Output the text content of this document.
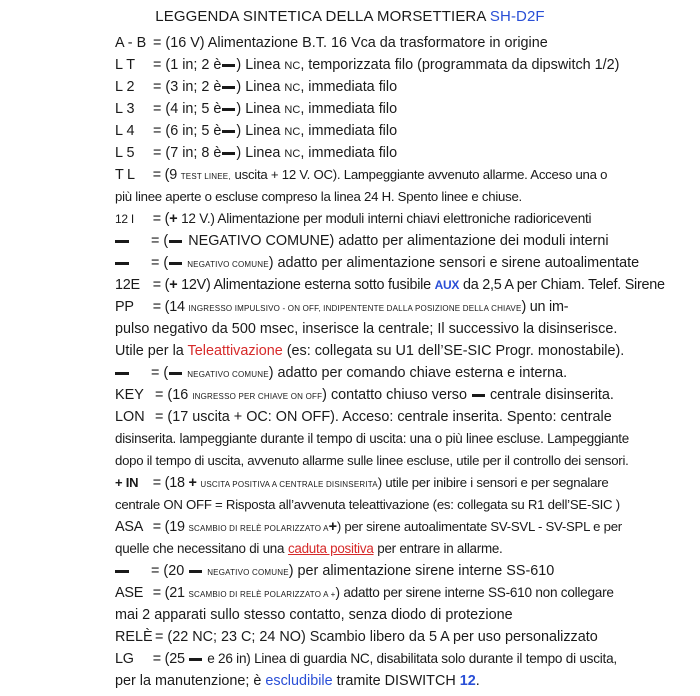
LEGGENDA SINTETICA DELLA MORSETTIERA SH-D2F
A - B = (16 V) Alimentazione B.T. 16 Vca da trasformatore in origine
L T = (1 in; 2 è ) Linea NC, temporizzata filo (programmata da dipswitch 1/2)
L 2 = (3 in; 2 è ) Linea NC, immediata filo
L 3 = (4 in; 5 è ) Linea NC, immediata filo
L 4 = (6 in; 5 è ) Linea NC, immediata filo
L 5 = (7 in; 8 è ) Linea NC, immediata filo
T L = (9 TEST LINEE, uscita + 12 V. OC). Lampeggiante avvenuto allarme. Acceso una o
più linee aperte o escluse compreso la linea 24 H. Spento linee e chiuse.
12 I = (+ 12 V.) Alimentazione per moduli interni chiavi elettroniche radioriceventi
= ( NEGATIVO COMUNE) adatto per alimentazione dei moduli interni
= ( NEGATIVO COMUNE) adatto per alimentazione sensori e sirene autoalimentate
12E = (+ 12V) Alimentazione esterna sotto fusibile AUX da 2,5 A per Chiam. Telef. Sirene
PP = (14 INGRESSO IMPULSIVO - ON OFF, INDIPENTENTE DALLA POSIZIONE DELLA CHIAVE) un im-
pulso negativo da 500 msec, inserisce la centrale; Il successivo la disinserisce.
Utile per la Teleattivazione (es: collegata su U1 dell’SE-SIC Progr. monostabile).
= ( NEGATIVO COMUNE) adatto per comando chiave esterna e interna.
KEY = (16 INGRESSO PER CHIAVE ON OFF) contatto chiuso verso centrale disinserita.
LON = (17 uscita + OC: ON OFF). Acceso: centrale inserita. Spento: centrale
disinserita. lampeggiante durante il tempo di uscita: una o più linee escluse. Lampeggiante
dopo il tempo di uscita, avvenuto allarme sulle linee escluse, utile per il controllo dei sensori.
+ IN = (18 + USCITA POSITIVA A CENTRALE DISINSERITA) utile per inibire i sensori e per segnalare
centrale ON OFF = Risposta all’avvenuta teleattivazione (es: collegata su R1 dell’SE-SIC )
ASA = (19 SCAMBIO DI RELÈ POLARIZZATO A+) per sirene autoalimentate SV-SVL - SV-SPL e per
quelle che necessitano di una caduta positiva per entrare in allarme.
= (20	NEGATIVO COMUNE) per alimentazione sirene interne SS-610
ASE = (21 SCAMBIO DI RELÈ POLARIZZATO A +) adatto per sirene interne SS-610 non collegare
mai 2 apparati sullo stesso contatto, senza diodo di protezione
RELÈ = (22 NC; 23 C; 24 NO) Scambio libero da 5 A per uso personalizzato
LG = (25 e 26 in) Linea di guardia NC, disabilitata solo durante il tempo di uscita,
per la manutenzione; è escludibile tramite DISWITCH 12.
